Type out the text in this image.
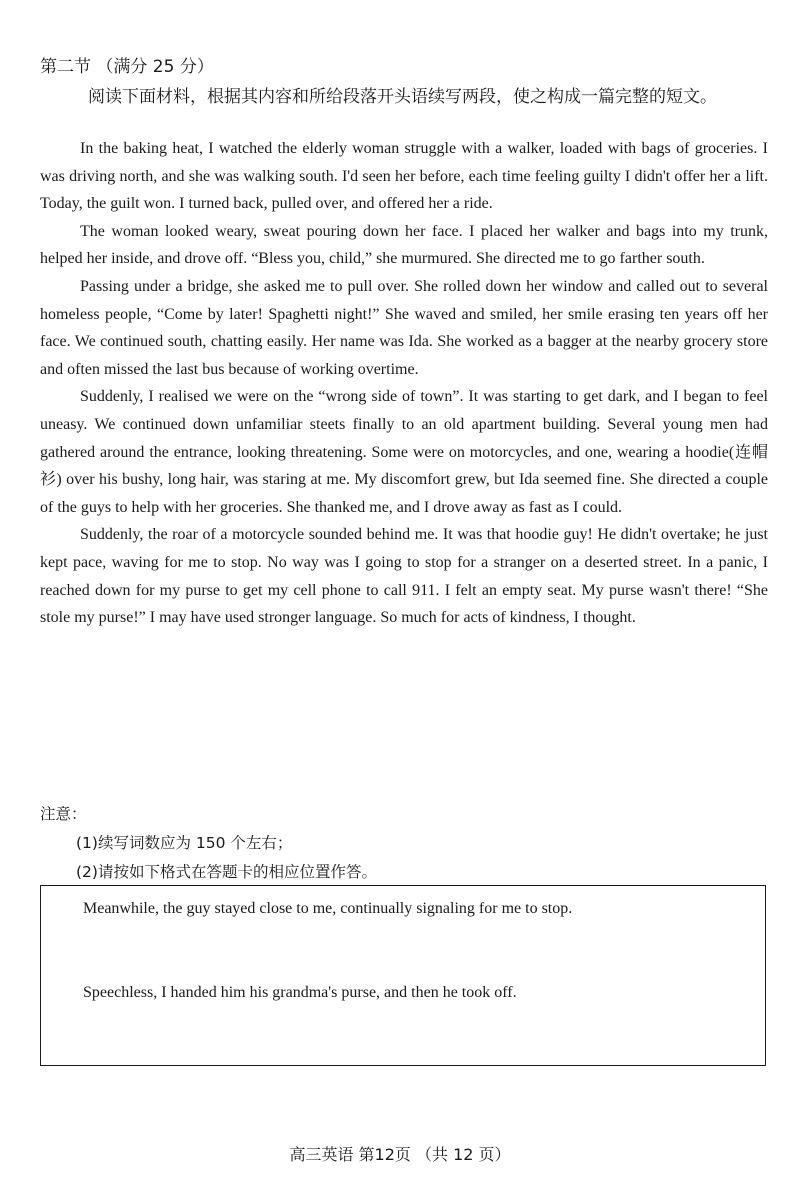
第二节 （满分 25 分）
阅读下面材料，根据其内容和所给段落开头语续写两段，使之构成一篇完整的短文。

In the baking heat, I watched the elderly woman struggle with a walker, loaded with bags of groceries. I was driving north, and she was walking south. I'd seen her before, each time feeling guilty I didn't offer her a lift. Today, the guilt won. I turned back, pulled over, and offered her a ride.

The woman looked weary, sweat pouring down her face. I placed her walker and bags into my trunk, helped her inside, and drove off. “Bless you, child,” she murmured. She directed me to go farther south.

Passing under a bridge, she asked me to pull over. She rolled down her window and called out to several homeless people, “Come by later! Spaghetti night!” She waved and smiled, her smile erasing ten years off her face. We continued south, chatting easily. Her name was Ida. She worked as a bagger at the nearby grocery store and often missed the last bus because of working overtime.

Suddenly, I realised we were on the “wrong side of town”. It was starting to get dark, and I began to feel uneasy. We continued down unfamiliar steets finally to an old apartment building. Several young men had gathered around the entrance, looking threatening. Some were on motorcycles, and one, wearing a hoodie(连帽衫) over his bushy, long hair, was staring at me. My discomfort grew, but Ida seemed fine. She directed a couple of the guys to help with her groceries. She thanked me, and I drove away as fast as I could.

Suddenly, the roar of a motorcycle sounded behind me. It was that hoodie guy! He didn't overtake; he just kept pace, waving for me to stop. No way was I going to stop for a stranger on a deserted street. In a panic, I reached down for my purse to get my cell phone to call 911. I felt an empty seat. My purse wasn't there! “She stole my purse!” I may have used stronger language. So much for acts of kindness, I thought.

注意：
(1)续写词数应为 150 个左右；
(2)请按如下格式在答题卡的相应位置作答。
Meanwhile, the guy stayed close to me, continually signaling for me to stop.
Speechless, I handed him his grandma's purse, and then he took off.
高三英语 第12页 （共 12 页）
